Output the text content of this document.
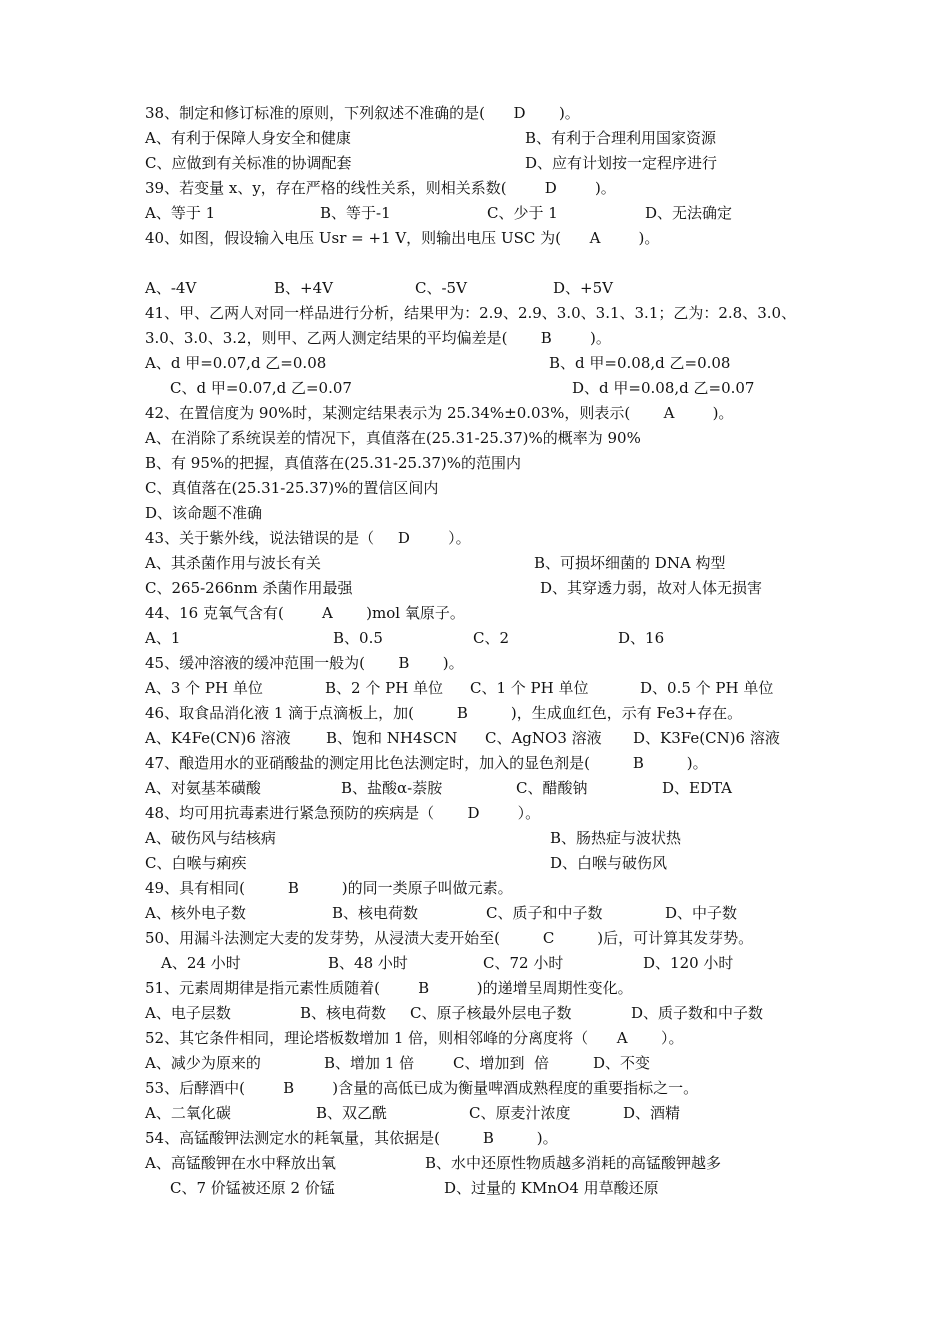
38、制定和修订标准的原则，下列叙述不准确的是(      D       )。
A、有利于保障人身安全和健康	B、有利于合理利用国家资源
C、应做到有关标准的协调配套	D、应有计划按一定程序进行
39、若变量 x、y，存在严格的线性关系，则相关系数(        D        )。
A、等于 1	B、等于-1	C、少于 1	D、无法确定
40、如图，假设输入电压 Usr = +1 V，则输出电压 USC 为(      A        )。
A、-4V	B、+4V	C、-5V	D、+5V
41、甲、乙两人对同一样品进行分析，结果甲为：2.9、2.9、3.0、3.1、3.1；乙为：2.8、3.0、
3.0、3.0、3.2，则甲、乙两人测定结果的平均偏差是(       B        )。
A、d 甲=0.07,d 乙=0.08	B、d 甲=0.08,d 乙=0.08
C、d 甲=0.07,d 乙=0.07	D、d 甲=0.08,d 乙=0.07
42、在置信度为 90%时，某测定结果表示为 25.34%±0.03%，则表示(       A        )。
A、在消除了系统误差的情况下，真值落在(25.31-25.37)%的概率为 90%
B、有 95%的把握，真值落在(25.31-25.37)%的范围内
C、真值落在(25.31-25.37)%的置信区间内
D、该命题不准确
43、关于紫外线，说法错误的是（     D        ）。
A、其杀菌作用与波长有关	B、可损坏细菌的 DNA 构型
C、265-266nm 杀菌作用最强	D、其穿透力弱，故对人体无损害
44、16 克氧气含有(        A       )mol 氧原子。
A、1	B、0.5	C、2	D、16
45、缓冲溶液的缓冲范围一般为(       B       )。
A、3 个 PH 单位	B、2 个 PH 单位 C、1 个 PH 单位	D、0.5 个 PH 单位
46、取食品消化液 1 滴于点滴板上，加(         B         )，生成血红色，示有 Fe3+存在。
A、K4Fe(CN)6 溶液 B、饱和 NH4SCN C、AgNO3 溶液 D、K3Fe(CN)6 溶液
47、酿造用水的亚硝酸盐的测定用比色法测定时，加入的显色剂是(         B         )。
A、对氨基苯磺酸	B、盐酸α-萘胺	C、醋酸钠	D、EDTA
48、均可用抗毒素进行紧急预防的疾病是（       D        ）。
A、破伤风与结核病	B、肠热症与波状热
C、白喉与痢疾	D、白喉与破伤风
49、具有相同(         B         )的同一类原子叫做元素。
A、核外电子数	B、核电荷数	C、质子和中子数	D、中子数
50、用漏斗法测定大麦的发芽势，从浸渍大麦开始至(         C         )后，可计算其发芽势。
A、24 小时	B、48 小时	C、72 小时	D、120 小时
51、元素周期律是指元素性质随着(        B          )的递增呈周期性变化。
A、电子层数	B、核电荷数 C、原子核最外层电子数	D、质子数和中子数
52、其它条件相同，理论塔板数增加 1 倍，则相邻峰的分离度将（      A       ）。
A、减少为原来的	B、增加 1 倍	C、增加到  倍	D、不变
53、后酵酒中(        B        )含量的高低已成为衡量啤酒成熟程度的重要指标之一。
A、二氧化碳	B、双乙酰	C、原麦汁浓度	D、酒精
54、高锰酸钾法测定水的耗氧量，其依据是(         B         )。
A、高锰酸钾在水中释放出氧	B、水中还原性物质越多消耗的高锰酸钾越多
C、7 价锰被还原 2 价锰	D、过量的 KMnO4 用草酸还原
